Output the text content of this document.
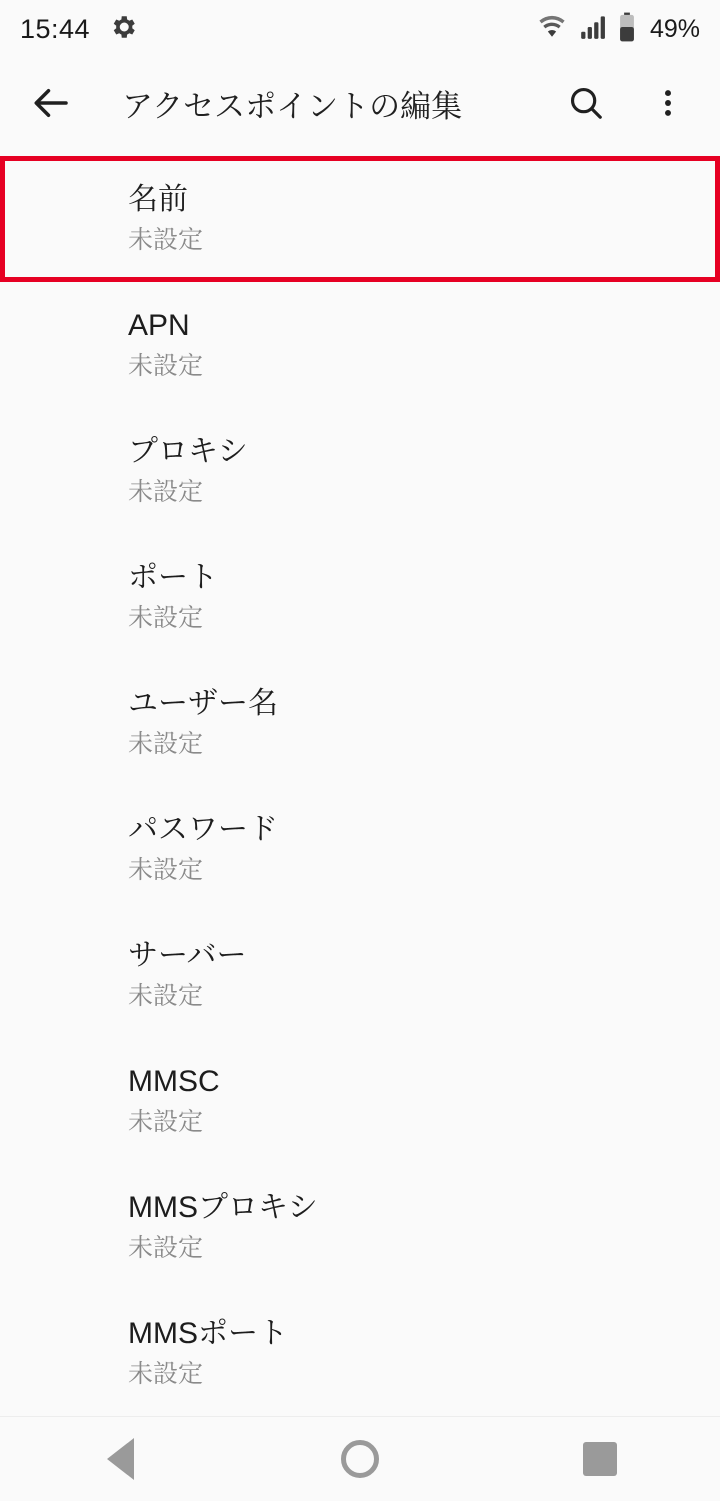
15:44	49%
アクセスポイントの編集
名前
未設定
APN
未設定
プロキシ
未設定
ポート
未設定
ユーザー名
未設定
パスワード
未設定
サーバー
未設定
MMSC
未設定
MMSプロキシ
未設定
MMSポート
未設定
